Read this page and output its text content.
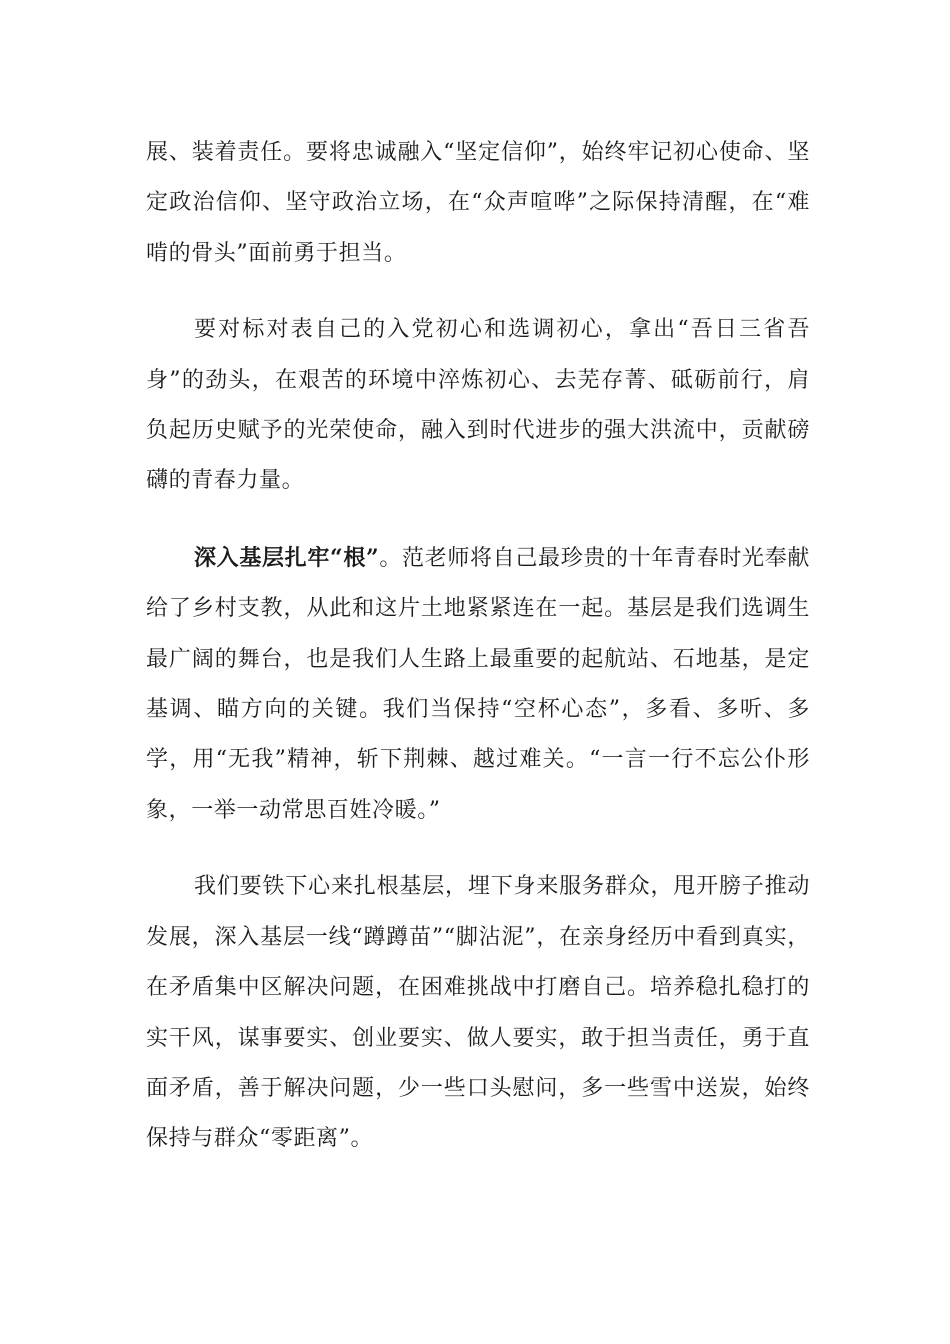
展、装着责任。要将忠诚融入“坚定信仰”，始终牢记初心使命、坚定政治信仰、坚守政治立场，在“众声喧哗”之际保持清醒，在“难啃的骨头”面前勇于担当。

要对标对表自己的入党初心和选调初心，拿出“吾日三省吾身”的劲头，在艰苦的环境中淬炼初心、去芜存菁、砥砺前行，肩负起历史赋予的光荣使命，融入到时代进步的强大洪流中，贡献磅礴的青春力量。

深入基层扎牢“根”。范老师将自己最珍贵的十年青春时光奉献给了乡村支教，从此和这片土地紧紧连在一起。基层是我们选调生最广阔的舞台，也是我们人生路上最重要的起航站、石地基，是定基调、瞄方向的关键。我们当保持“空杯心态”，多看、多听、多学，用“无我”精神，斩下荆棘、越过难关。“一言一行不忘公仆形象，一举一动常思百姓冷暖。”

我们要铁下心来扎根基层，埋下身来服务群众，甩开膀子推动发展，深入基层一线“蹲蹲苗”“脚沾泥”，在亲身经历中看到真实，在矛盾集中区解决问题，在困难挑战中打磨自己。培养稳扎稳打的实干风，谋事要实、创业要实、做人要实，敢于担当责任，勇于直面矛盾，善于解决问题，少一些口头慰问，多一些雪中送炭，始终保持与群众“零距离”。
